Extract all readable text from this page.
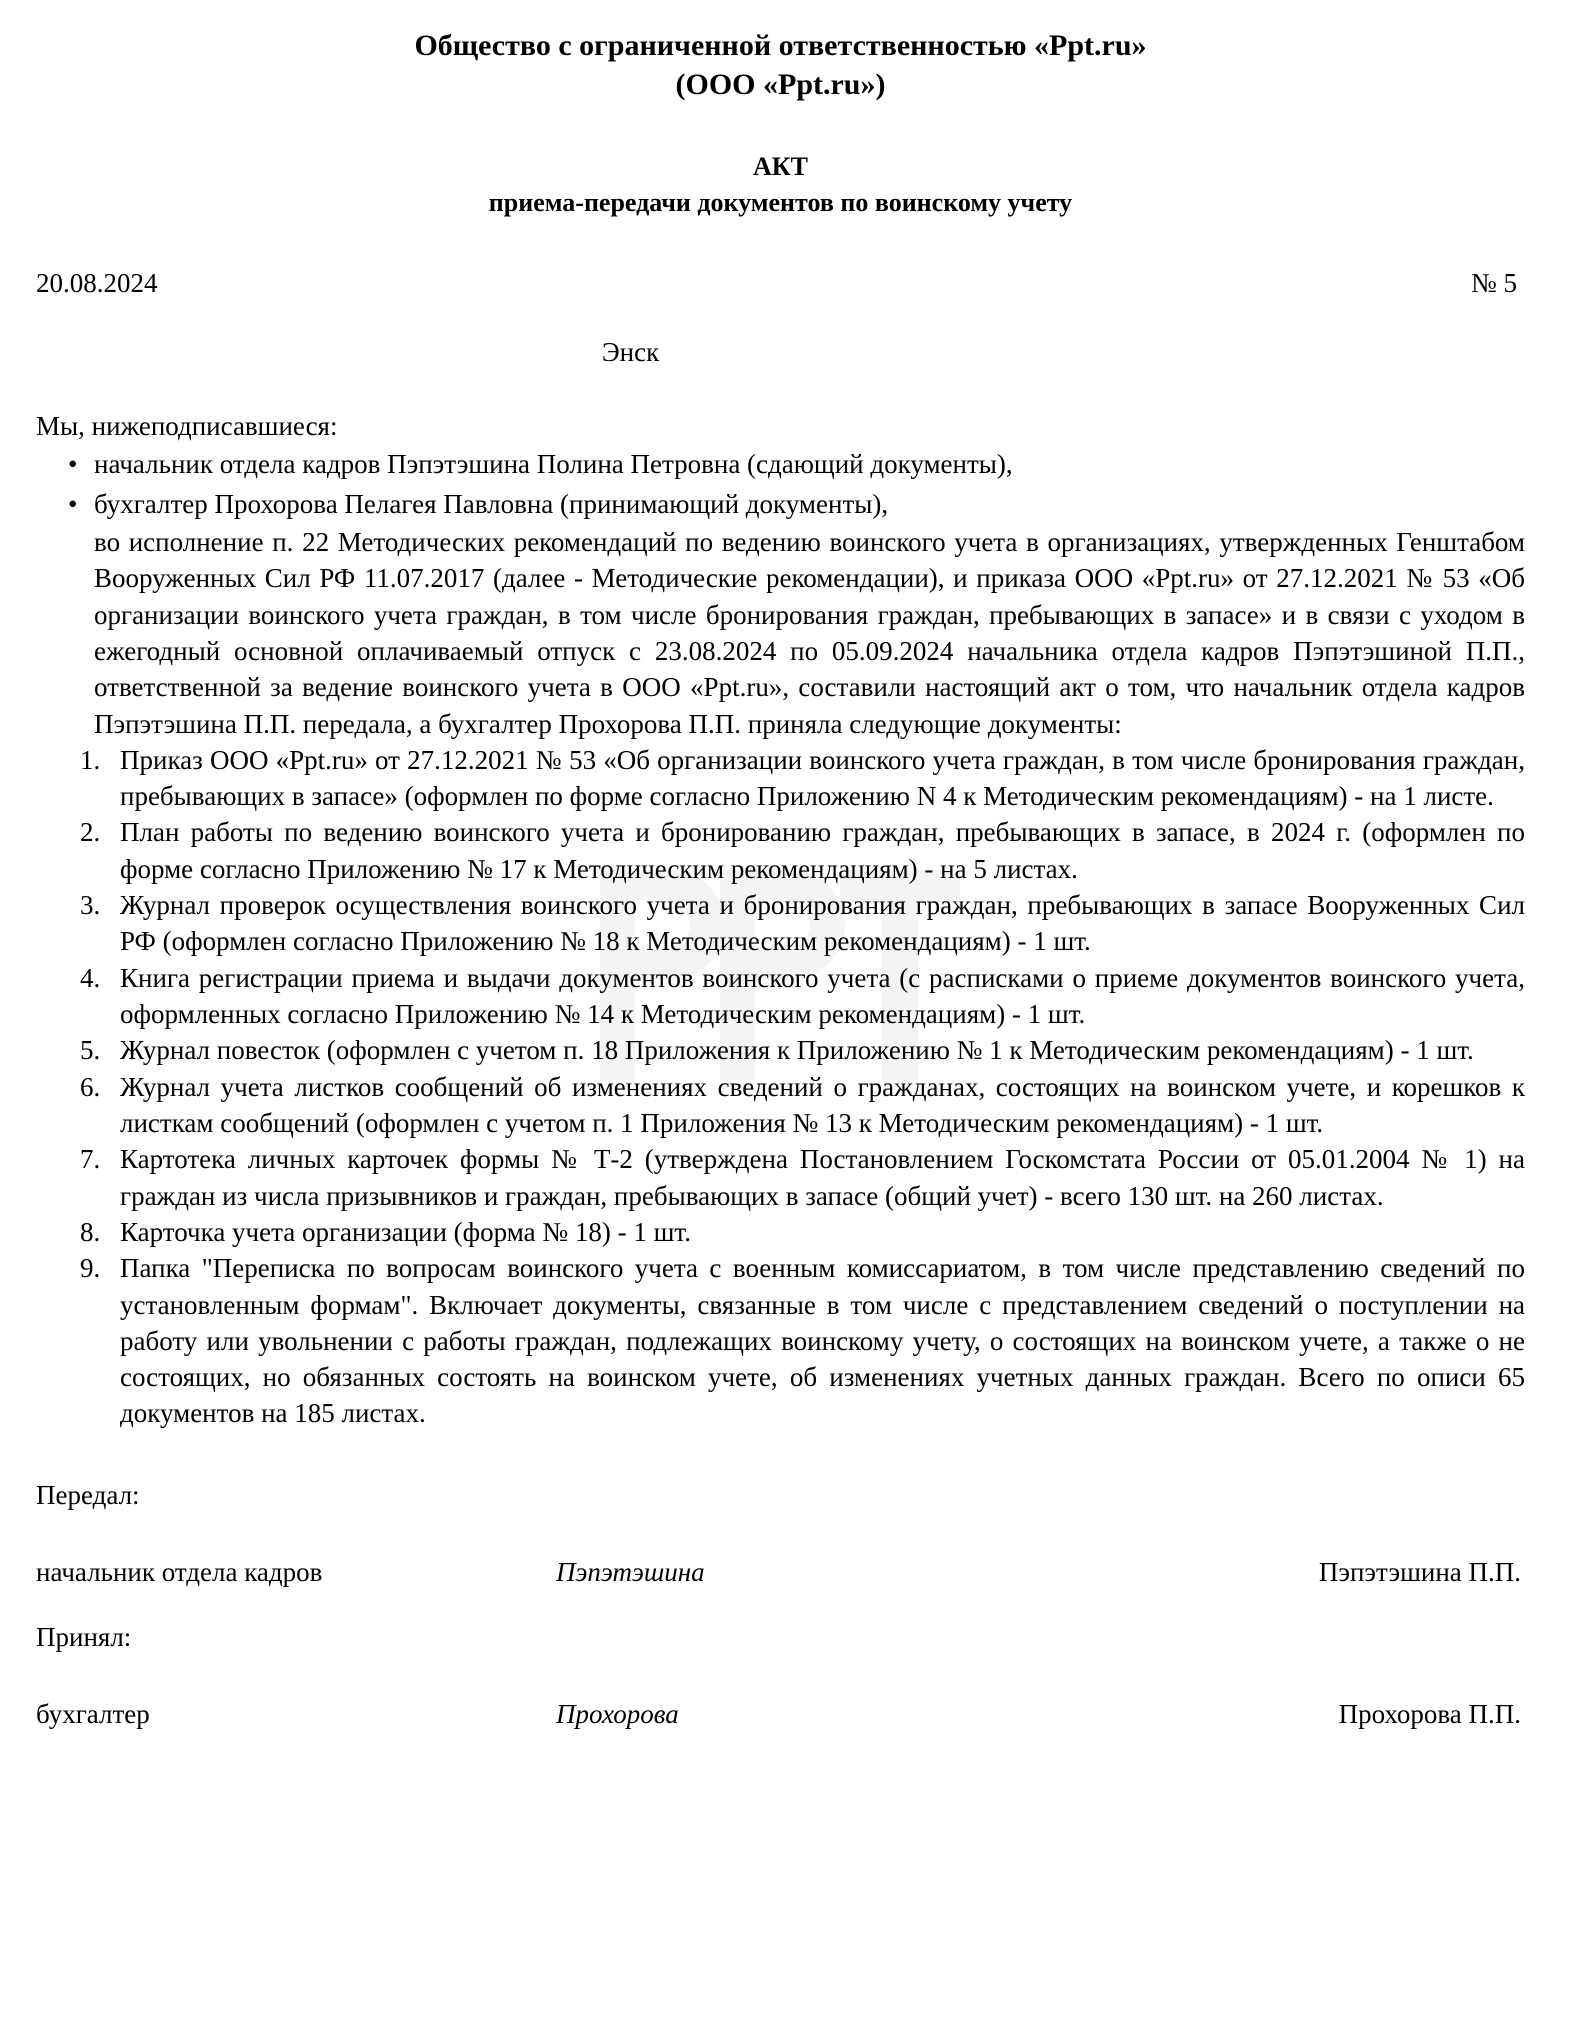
Общество с ограниченной ответственностью «Ppt.ru»
(ООО «Ppt.ru»)
АКТ
приема-передачи документов по воинскому учету
20.08.2024	№ 5
Энск
Мы, нижеподписавшиеся:
• начальник отдела кадров Пэпэтэшина Полина Петровна (сдающий документы),
• бухгалтер Прохорова Пелагея Павловна (принимающий документы),
во исполнение п. 22 Методических рекомендаций по ведению воинского учета в организациях, утвержденных Генштабом Вооруженных Сил РФ 11.07.2017 (далее - Методические рекомендации), и приказа ООО «Ppt.ru» от 27.12.2021 № 53 «Об организации воинского учета граждан, в том числе бронирования граждан, пребывающих в запасе» и в связи с уходом в ежегодный основной оплачиваемый отпуск с 23.08.2024 по 05.09.2024 начальника отдела кадров Пэпэтэшиной П.П., ответственной за ведение воинского учета в ООО «Ppt.ru», составили настоящий акт о том, что начальник отдела кадров Пэпэтэшина П.П. передала, а бухгалтер Прохорова П.П. приняла следующие документы:
Приказ ООО «Ppt.ru» от 27.12.2021 № 53 «Об организации воинского учета граждан, в том числе бронирования граждан, пребывающих в запасе» (оформлен по форме согласно Приложению N 4 к Методическим рекомендациям) - на 1 листе.
План работы по ведению воинского учета и бронированию граждан, пребывающих в запасе, в 2024 г. (оформлен по форме согласно Приложению № 17 к Методическим рекомендациям) - на 5 листах.
Журнал проверок осуществления воинского учета и бронирования граждан, пребывающих в запасе Вооруженных Сил РФ (оформлен согласно Приложению № 18 к Методическим рекомендациям) - 1 шт.
Книга регистрации приема и выдачи документов воинского учета (с расписками о приеме документов воинского учета, оформленных согласно Приложению № 14 к Методическим рекомендациям) - 1 шт.
Журнал повесток (оформлен с учетом п. 18 Приложения к Приложению № 1 к Методическим рекомендациям) - 1 шт.
Журнал учета листков сообщений об изменениях сведений о гражданах, состоящих на воинском учете, и корешков к листкам сообщений (оформлен с учетом п. 1 Приложения № 13 к Методическим рекомендациям) - 1 шт.
Картотека личных карточек формы № Т-2 (утверждена Постановлением Госкомстата России от 05.01.2004 № 1) на граждан из числа призывников и граждан, пребывающих в запасе (общий учет) - всего 130 шт. на 260 листах.
Карточка учета организации (форма № 18) - 1 шт.
Папка "Переписка по вопросам воинского учета с военным комиссариатом, в том числе представлению сведений по установленным формам". Включает документы, связанные в том числе с представлением сведений о поступлении на работу или увольнении с работы граждан, подлежащих воинскому учету, о состоящих на воинском учете, а также о не состоящих, но обязанных состоять на воинском учете, об изменениях учетных данных граждан. Всего по описи 65 документов на 185 листах.
Передал:
начальник отдела кадров	Пэпэтэшина	Пэпэтэшина П.П.
Принял:
бухгалтер	Прохорова	Прохорова П.П.
